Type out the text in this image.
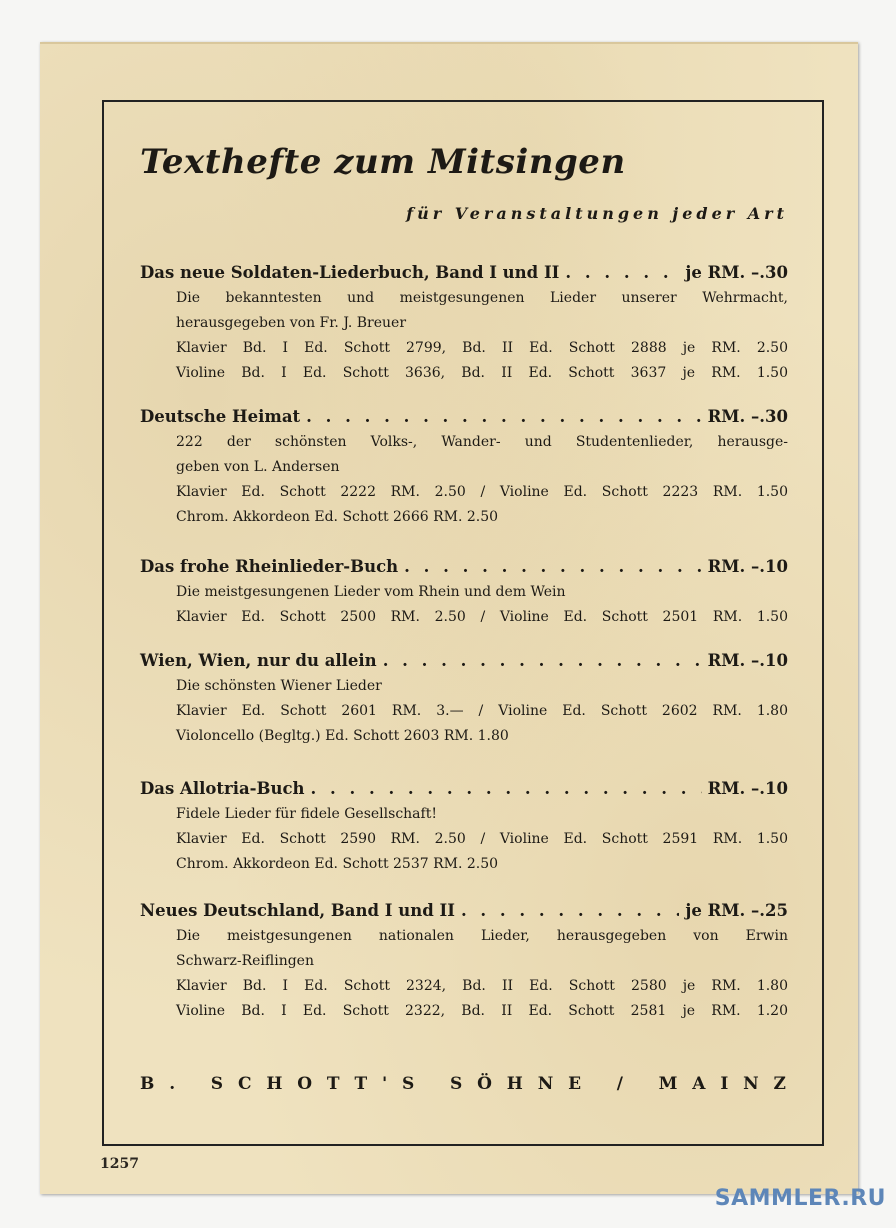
Texthefte zum Mitsingen
für Veranstaltungen jeder Art
Das neue Soldaten-Liederbuch, Band I und II . . .	je RM. –.30
Die bekanntesten und meistgesungenen Lieder unserer Wehrmacht,
herausgegeben von Fr. J. Breuer
Klavier Bd. I Ed. Schott 2799, Bd. II Ed. Schott 2888 je RM. 2.50
Violine Bd. I Ed. Schott 3636, Bd. II Ed. Schott 3637 je RM. 1.50
Deutsche Heimat . . .	RM. –.30
222 der schönsten Volks-, Wander- und Studentenlieder, herausge-
geben von L. Andersen
Klavier Ed. Schott 2222 RM. 2.50 / Violine Ed. Schott 2223 RM. 1.50
Chrom. Akkordeon Ed. Schott 2666 RM. 2.50
Das frohe Rheinlieder-Buch . . .	RM. –.10
Die meistgesungenen Lieder vom Rhein und dem Wein
Klavier Ed. Schott 2500 RM. 2.50 / Violine Ed. Schott 2501 RM. 1.50
Wien, Wien, nur du allein . . .	RM. –.10
Die schönsten Wiener Lieder
Klavier Ed. Schott 2601 RM. 3.— / Violine Ed. Schott 2602 RM. 1.80
Violoncello (Begltg.) Ed. Schott 2603 RM. 1.80
Das Allotria-Buch . . .	RM. –.10
Fidele Lieder für fidele Gesellschaft!
Klavier Ed. Schott 2590 RM. 2.50 / Violine Ed. Schott 2591 RM. 1.50
Chrom. Akkordeon Ed. Schott 2537 RM. 2.50
Neues Deutschland, Band I und II . . .	je RM. –.25
Die meistgesungenen nationalen Lieder, herausgegeben von Erwin
Schwarz-Reiflingen
Klavier Bd. I Ed. Schott 2324, Bd. II Ed. Schott 2580 je RM. 1.80
Violine Bd. I Ed. Schott 2322, Bd. II Ed. Schott 2581 je RM. 1.20
B .
S C H O T T ' S
S Ö H N E
/
M A I N Z
1257
SAMMLER.RU
